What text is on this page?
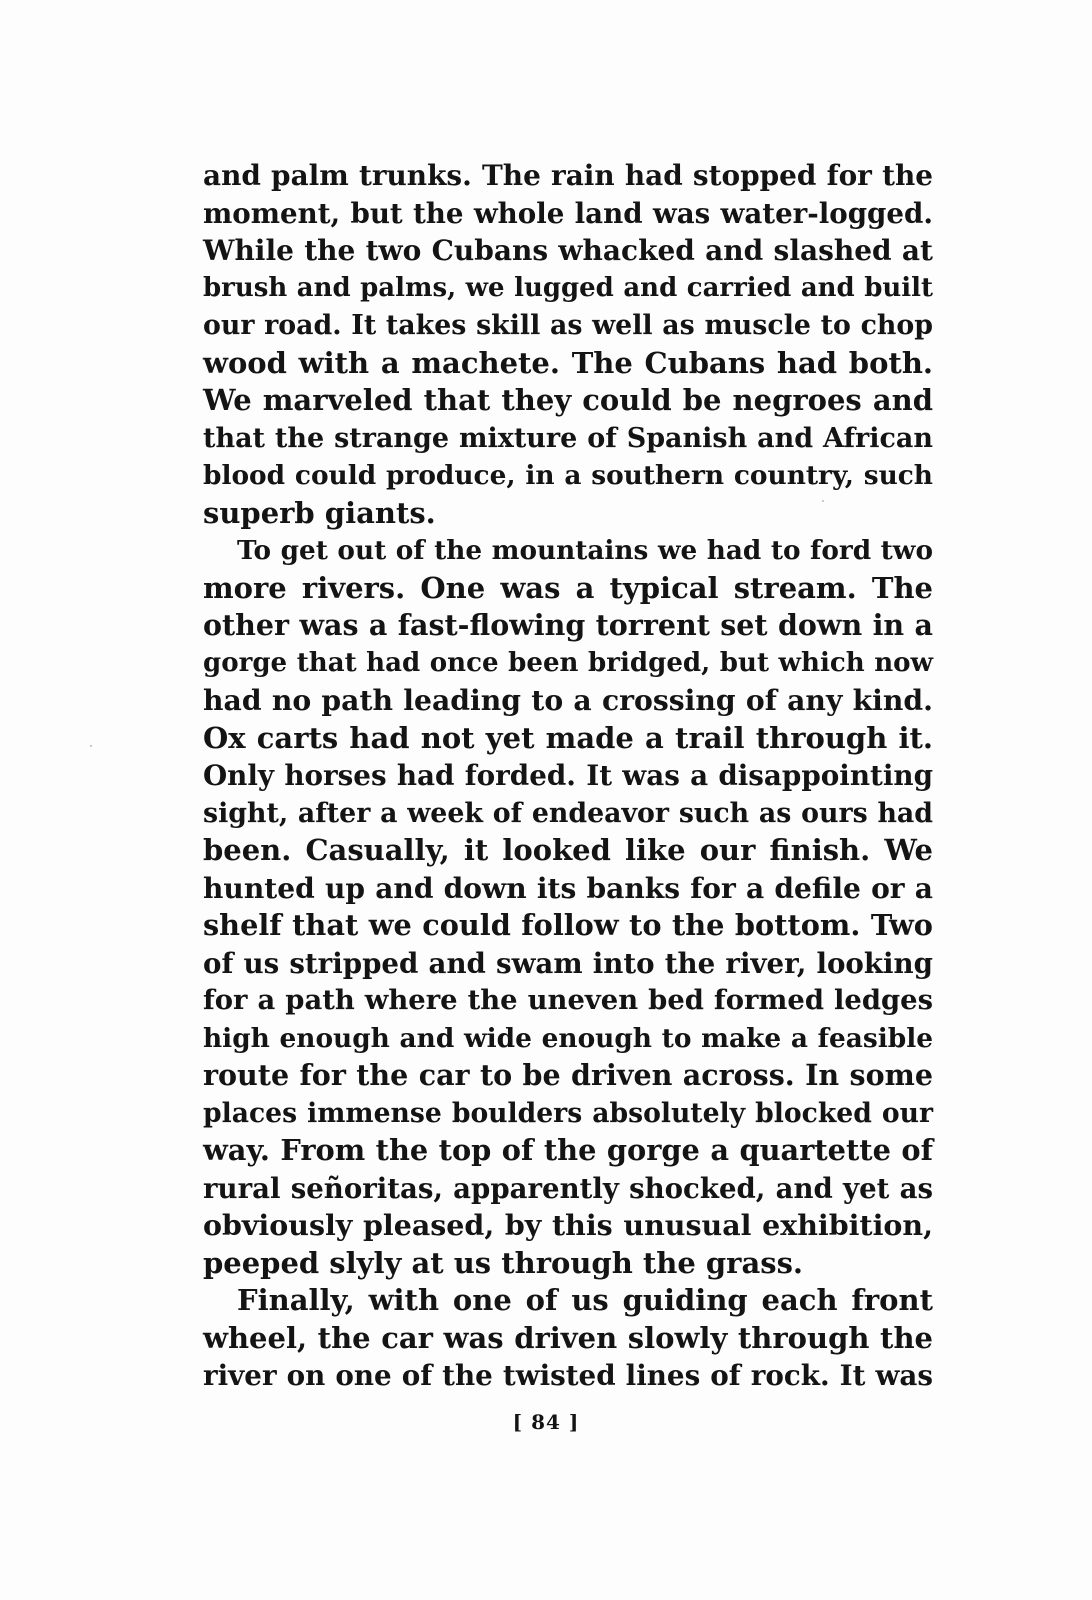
and palm trunks. The rain had stopped for the
moment, but the whole land was water-logged.
While the two Cubans whacked and slashed at
brush and palms, we lugged and carried and built
our road. It takes skill as well as muscle to chop
wood with a machete. The Cubans had both.
We marveled that they could be negroes and
that the strange mixture of Spanish and African
blood could produce, in a southern country, such
superb giants.
To get out of the mountains we had to ford two
more rivers. One was a typical stream. The
other was a fast-flowing torrent set down in a
gorge that had once been bridged, but which now
had no path leading to a crossing of any kind.
Ox carts had not yet made a trail through it.
Only horses had forded. It was a disappointing
sight, after a week of endeavor such as ours had
been. Casually, it looked like our finish. We
hunted up and down its banks for a defile or a
shelf that we could follow to the bottom. Two
of us stripped and swam into the river, looking
for a path where the uneven bed formed ledges
high enough and wide enough to make a feasible
route for the car to be driven across. In some
places immense boulders absolutely blocked our
way. From the top of the gorge a quartette of
rural señoritas, apparently shocked, and yet as
obviously pleased, by this unusual exhibition,
peeped slyly at us through the grass.
Finally, with one of us guiding each front
wheel, the car was driven slowly through the
river on one of the twisted lines of rock. It was
[ 84 ]
